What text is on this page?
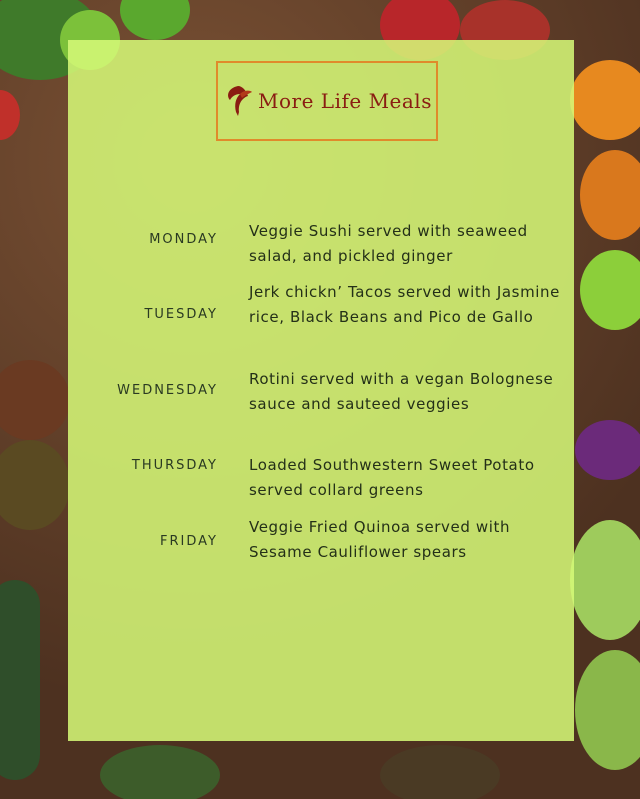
More Life Meals
MONDAY Veggie Sushi served with seaweed salad, and pickled ginger
TUESDAY
Jerk chickn’ Tacos served with Jasmine rice, Black Beans and Pico de Gallo
WEDNESDAY
Rotini served with a vegan Bolognese sauce and sauteed veggies
THURSDAY Loaded Southwestern Sweet Potato served collard greens
FRIDAY
Veggie Fried Quinoa served with Sesame Cauliflower spears
